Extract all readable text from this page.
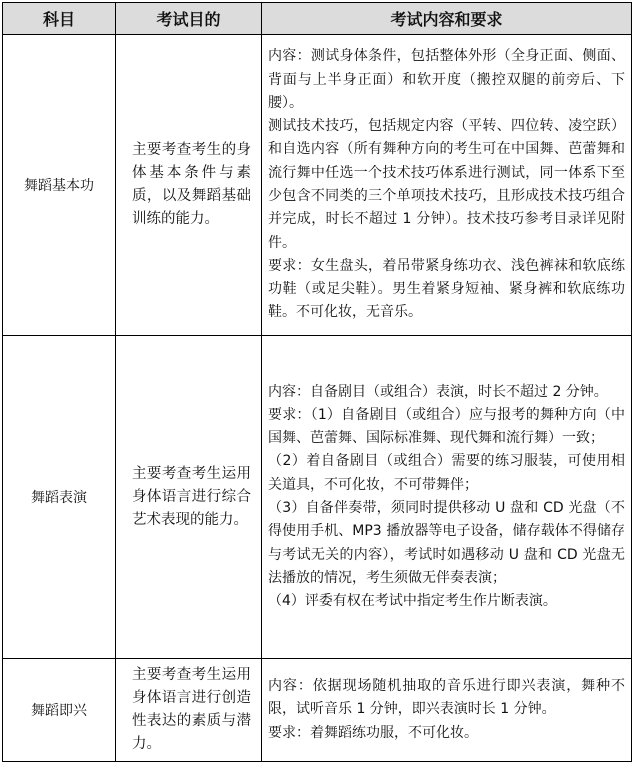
科目	考试目的	考试内容和要求
舞蹈基本功	主要考查考生的身体基本条件与素质，以及舞蹈基础训练的能力。	内容：测试身体条件，包括整体外形（全身正面、侧面、背面与上半身正面）和软开度（搬控双腿的前旁后、下腰）。

测试技术技巧，包括规定内容（平转、四位转、凌空跃）和自选内容（所有舞种方向的考生可在中国舞、芭蕾舞和流行舞中任选一个技术技巧体系进行测试，同一体系下至少包含不同类的三个单项技术技巧，且形成技术技巧组合并完成，时长不超过 1 分钟）。技术技巧参考目录详见附件。

要求：女生盘头，着吊带紧身练功衣、浅色裤袜和软底练功鞋（或足尖鞋）。男生着紧身短袖、紧身裤和软底练功鞋。不可化妆，无音乐。

舞蹈表演	主要考查考生运用身体语言进行综合艺术表现的能力。	内容：自备剧目（或组合）表演，时长不超过 2 分钟。

要求：（1）自备剧目（或组合）应与报考的舞种方向（中国舞、芭蕾舞、国际标准舞、现代舞和流行舞）一致；

（2）着自备剧目（或组合）需要的练习服装，可使用相关道具，不可化妆，不可带舞伴；

（3）自备伴奏带，须同时提供移动 U 盘和 CD 光盘（不得使用手机、MP3 播放器等电子设备，储存载体不得储存与考试无关的内容），考试时如遇移动 U 盘和 CD 光盘无法播放的情况，考生须做无伴奏表演；

（4）评委有权在考试中指定考生作片断表演。

舞蹈即兴	主要考查考生运用身体语言进行创造性表达的素质与潜力。	内容：依据现场随机抽取的音乐进行即兴表演，舞种不限，试听音乐 1 分钟，即兴表演时长 1 分钟。

要求：着舞蹈练功服，不可化妆。
